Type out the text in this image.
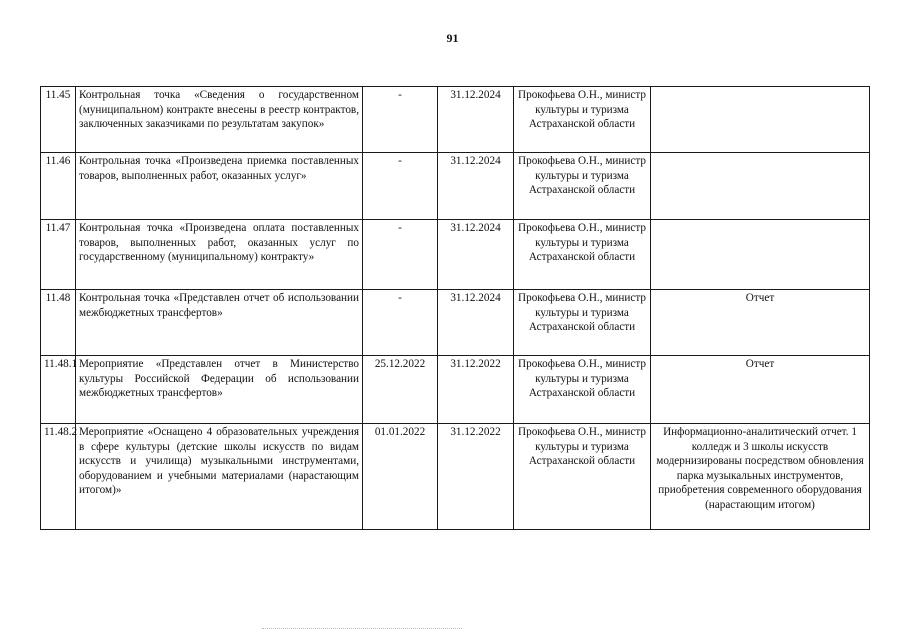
91
11.45	Контрольная точка «Сведения о государственном (муниципальном) контракте внесены в реестр контрактов, заключенных заказчиками по результатам закупок»	-	31.12.2024	Прокофьева О.Н., министр культуры и туризма Астраханской области	
11.46	Контрольная точка «Произведена приемка поставленных товаров, выполненных работ, оказанных услуг»	-	31.12.2024	Прокофьева О.Н., министр культуры и туризма Астраханской области	
11.47	Контрольная точка «Произведена оплата поставленных товаров, выполненных работ, оказанных услуг по государственному (муниципальному) контракту»	-	31.12.2024	Прокофьева О.Н., министр культуры и туризма Астраханской области	
11.48	Контрольная точка «Представлен отчет об использовании межбюджетных трансфертов»	-	31.12.2024	Прокофьева О.Н., министр культуры и туризма Астраханской области	Отчет
11.48.1	Мероприятие «Представлен отчет в Министерство культуры Российской Федерации об использовании межбюджетных трансфертов»	25.12.2022	31.12.2022	Прокофьева О.Н., министр культуры и туризма Астраханской области	Отчет
11.48.2	Мероприятие «Оснащено 4 образовательных учреждения в сфере культуры (детские школы искусств по видам искусств и училища) музыкальными инструментами, оборудованием и учебными материалами (нарастающим итогом)»	01.01.2022	31.12.2022	Прокофьева О.Н., министр культуры и туризма Астраханской области	Информационно-аналитический отчет. 1 колледж и 3 школы искусств модернизированы посредством обновления парка музыкальных инструментов, приобретения современного оборудования (нарастающим итогом)
